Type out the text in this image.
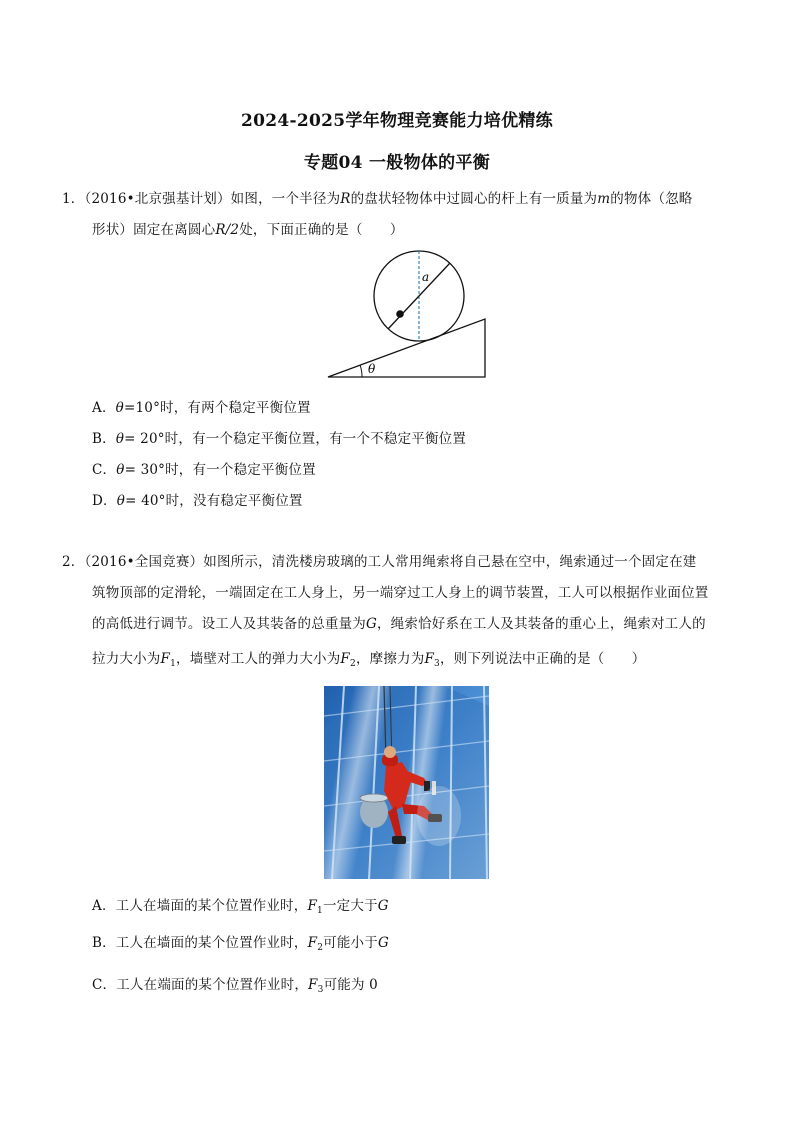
2024-2025学年物理竞赛能力培优精练
专题04 一般物体的平衡
1．（2016•北京强基计划）如图，一个半径为R的盘状轻物体中过圆心的杆上有一质量为m的物体（忽略
形状）固定在离圆心R/2处，下面正确的是（　　）
a
θ
A．θ=10°时，有两个稳定平衡位置
B．θ= 20°时，有一个稳定平衡位置，有一个不稳定平衡位置
C．θ= 30°时，有一个稳定平衡位置
D．θ= 40°时，没有稳定平衡位置
2．（2016•全国竞赛）如图所示，清洗楼房玻璃的工人常用绳索将自己悬在空中，绳索通过一个固定在建
筑物顶部的定滑轮，一端固定在工人身上，另一端穿过工人身上的调节装置，工人可以根据作业面位置
的高低进行调节。设工人及其装备的总重量为G，绳索恰好系在工人及其装备的重心上，绳索对工人的
拉力大小为$F_1$，墙壁对工人的弹力大小为$F_2$，摩擦力为$F_3$，则下列说法中正确的是（　　）
A．工人在墙面的某个位置作业时，$F_1$一定大于G
B．工人在墙面的某个位置作业时，$F_2$可能小于G
C．工人在端面的某个位置作业时，$F_3$可能为 0
